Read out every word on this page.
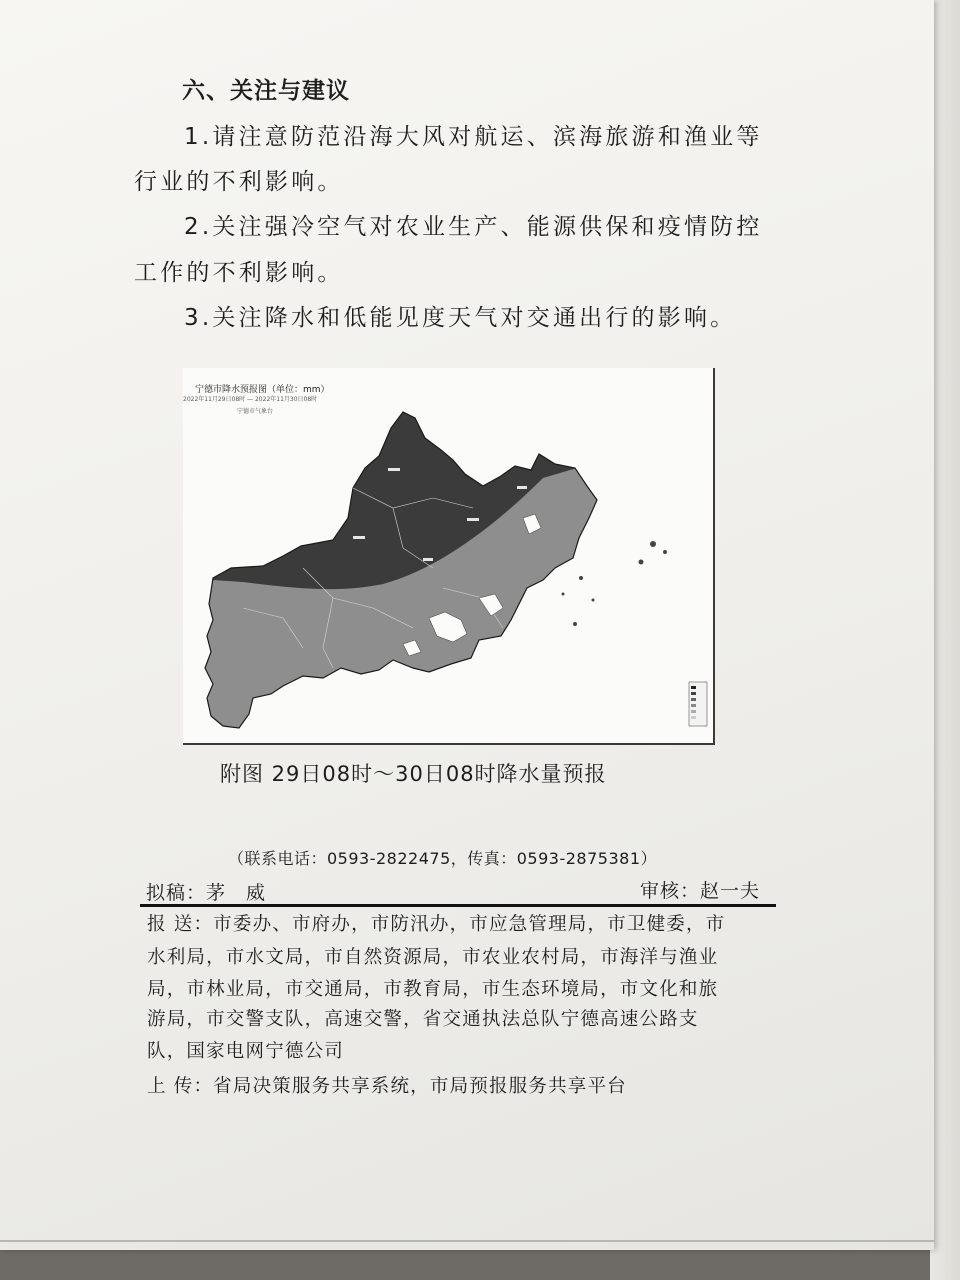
六、关注与建议
1.请注意防范沿海大风对航运、滨海旅游和渔业等
行业的不利影响。
2.关注强冷空气对农业生产、能源供保和疫情防控
工作的不利影响。
3.关注降水和低能见度天气对交通出行的影响。
宁德市降水预报图（单位：mm）
2022年11月29日08时 — 2022年11月30日08时
宁德市气象台
附图 29日08时～30日08时降水量预报
（联系电话：0593-2822475，传真：0593-2875381）
拟稿：茅　威	审核：赵一夫
报 送：市委办、市府办，市防汛办，市应急管理局，市卫健委，市
水利局，市水文局，市自然资源局，市农业农村局，市海洋与渔业
局，市林业局，市交通局，市教育局，市生态环境局，市文化和旅
游局，市交警支队，高速交警，省交通执法总队宁德高速公路支
队，国家电网宁德公司
上 传：省局决策服务共享系统，市局预报服务共享平台
